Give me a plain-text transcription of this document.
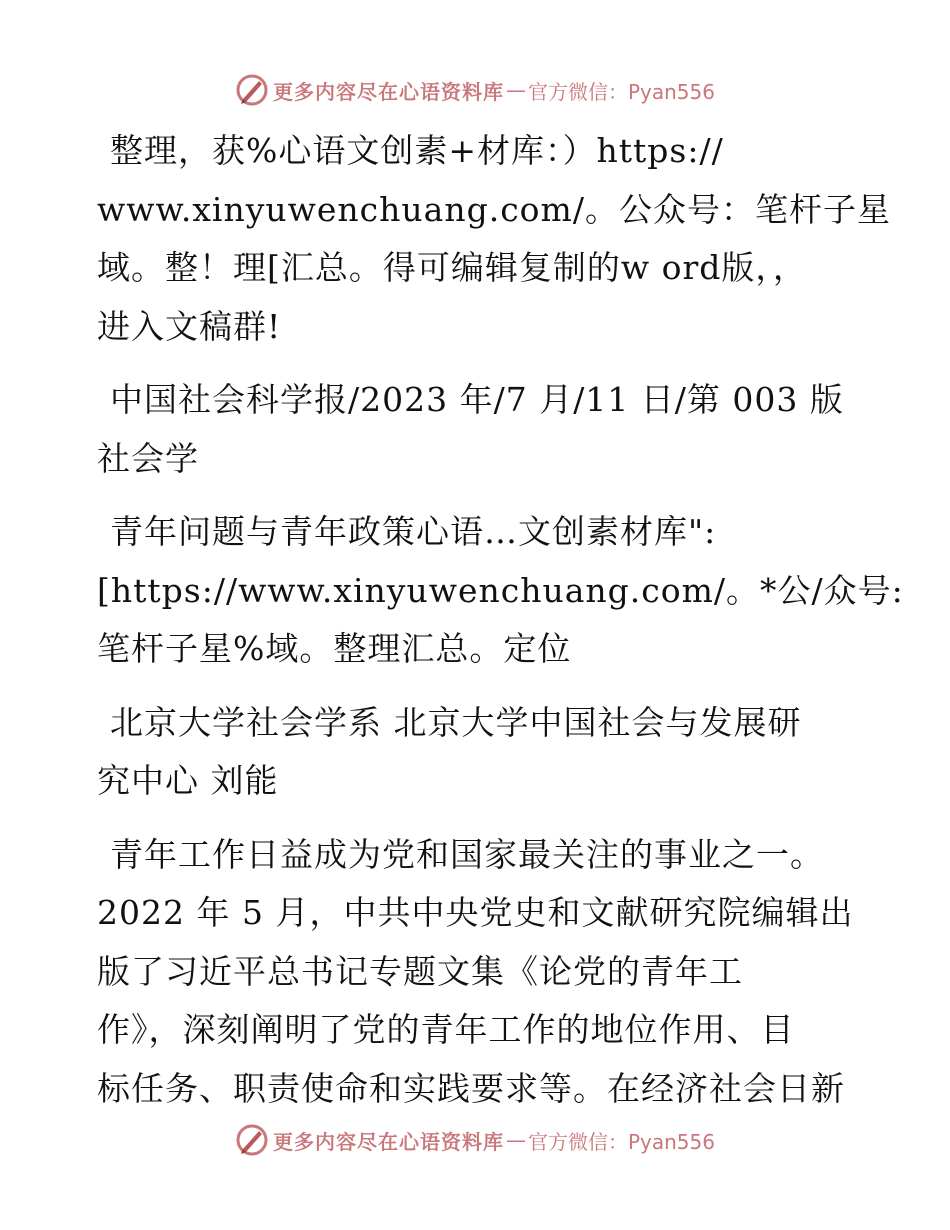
更多内容尽在心语资料库 — 官方微信：Pyan556

整理，获%心语文创素+材库：）https://
www.xinyuwenchuang.com/。公众号：笔杆子星
域。整！理[汇总。得可编辑复制的w ord版，，
进入文稿群!

中国社会科学报/2023 年/7 月/11 日/第 003 版
社会学

青年问题与青年政策心语…文创素材库":
[https://www.xinyuwenchuang.com/。*公/众号:
笔杆子星%域。整理汇总。定位

北京大学社会学系 北京大学中国社会与发展研
究中心 刘能

青年工作日益成为党和国家最关注的事业之一。
2022 年 5 月，中共中央党史和文献研究院编辑出
版了习近平总书记专题文集《论党的青年工
作》，深刻阐明了党的青年工作的地位作用、目
标任务、职责使命和实践要求等。在经济社会日新

更多内容尽在心语资料库 — 官方微信：Pyan556
